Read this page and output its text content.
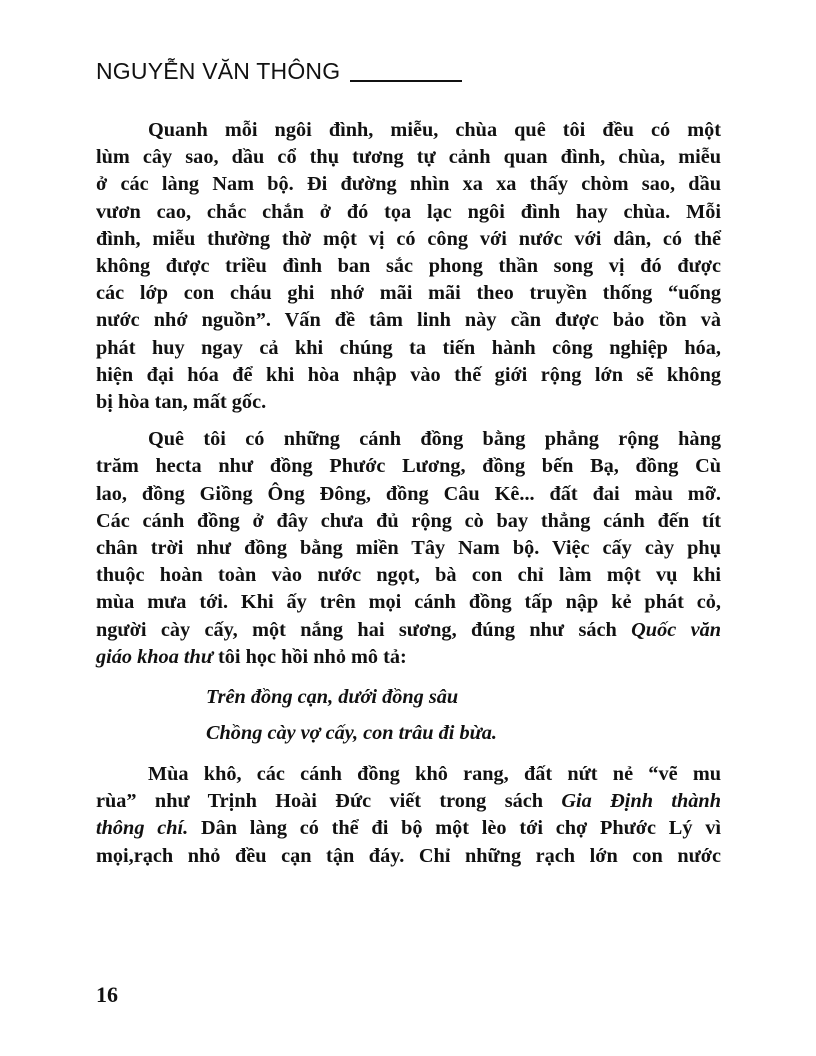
NGUYỄN VĂN THÔNG
Quanh mỗi ngôi đình, miễu, chùa quê tôi đều có một
lùm cây sao, dầu cổ thụ tương tự cảnh quan đình, chùa, miễu
ở các làng Nam bộ. Đi đường nhìn xa xa thấy chòm sao, dầu
vươn cao, chắc chắn ở đó tọa lạc ngôi đình hay chùa. Mỗi
đình, miễu thường thờ một vị có công với nước với dân, có thể
không được triều đình ban sắc phong thần song vị đó được
các lớp con cháu ghi nhớ mãi mãi theo truyền thống “uống
nước nhớ nguồn”. Vấn đề tâm linh này cần được bảo tồn và
phát huy ngay cả khi chúng ta tiến hành công nghiệp hóa,
hiện đại hóa để khi hòa nhập vào thế giới rộng lớn sẽ không
bị hòa tan, mất gốc.
Quê tôi có những cánh đồng bằng phẳng rộng hàng
trăm hecta như đồng Phước Lương, đồng bến Bạ, đồng Cù
lao, đồng Giồng Ông Đông, đồng Câu Kê... đất đai màu mỡ.
Các cánh đồng ở đây chưa đủ rộng cò bay thẳng cánh đến tít
chân trời như đồng bằng miền Tây Nam bộ. Việc cấy cày phụ
thuộc hoàn toàn vào nước ngọt, bà con chỉ làm một vụ khi
mùa mưa tới. Khi ấy trên mọi cánh đồng tấp nập kẻ phát cỏ,
người cày cấy, một nắng hai sương, đúng như sách Quốc văn
giáo khoa thư tôi học hồi nhỏ mô tả:
Trên đồng cạn, dưới đồng sâu
Chồng cày vợ cấy, con trâu đi bừa.
Mùa khô, các cánh đồng khô rang, đất nứt nẻ “vẽ mu
rùa” như Trịnh Hoài Đức viết trong sách Gia Định thành
thông chí. Dân làng có thể đi bộ một lèo tới chợ Phước Lý vì
mọi,rạch nhỏ đều cạn tận đáy. Chỉ những rạch lớn con nước
16
